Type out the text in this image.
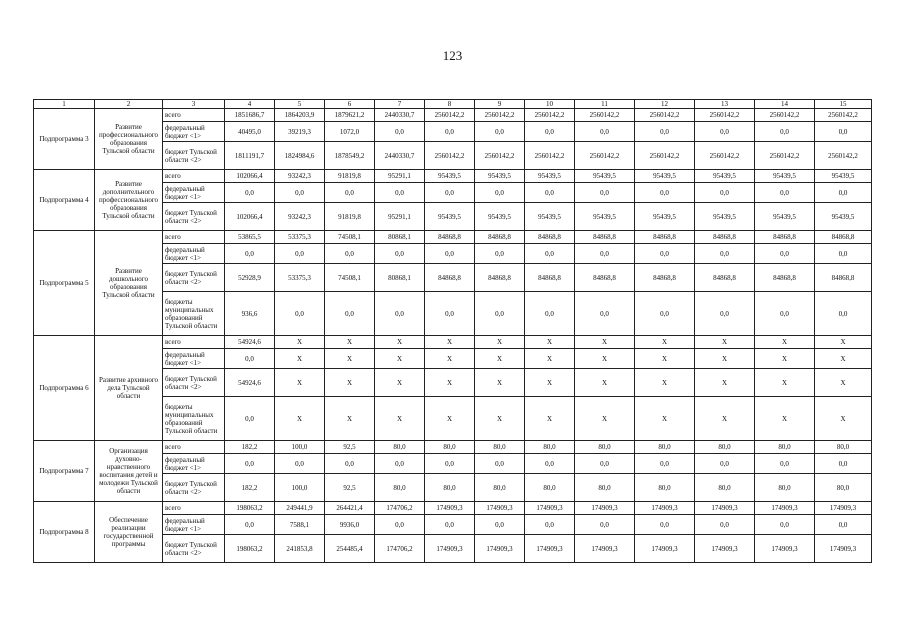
123
1	2	3	4	5	6	7	8	9	10	11	12	13	14	15
Подпрограмма 3	Развитие профессионального образования Тульской области	всего	1851686,7	1864203,9	1879621,2	2440330,7	2560142,2	2560142,2	2560142,2	2560142,2	2560142,2	2560142,2	2560142,2	2560142,2
		федеральный бюджет <1>	40495,0	39219,3	1072,0	0,0	0,0	0,0	0,0	0,0	0,0	0,0	0,0	0,0
		бюджет Тульской области <2>	1811191,7	1824984,6	1878549,2	2440330,7	2560142,2	2560142,2	2560142,2	2560142,2	2560142,2	2560142,2	2560142,2	2560142,2
Подпрограмма 4	Развитие дополнительного профессионального образования Тульской области	всего	102066,4	93242,3	91819,8	95291,1	95439,5	95439,5	95439,5	95439,5	95439,5	95439,5	95439,5	95439,5
		федеральный бюджет <1>	0,0	0,0	0,0	0,0	0,0	0,0	0,0	0,0	0,0	0,0	0,0	0,0
		бюджет Тульской области <2>	102066,4	93242,3	91819,8	95291,1	95439,5	95439,5	95439,5	95439,5	95439,5	95439,5	95439,5	95439,5
Подпрограмма 5	Развитие дошкольного образования Тульской области	всего	53865,5	53375,3	74508,1	80868,1	84868,8	84868,8	84868,8	84868,8	84868,8	84868,8	84868,8	84868,8
		федеральный бюджет <1>	0,0	0,0	0,0	0,0	0,0	0,0	0,0	0,0	0,0	0,0	0,0	0,0
		бюджет Тульской области <2>	52928,9	53375,3	74508,1	80868,1	84868,8	84868,8	84868,8	84868,8	84868,8	84868,8	84868,8	84868,8
		бюджеты муниципальных образований Тульской области	936,6	0,0	0,0	0,0	0,0	0,0	0,0	0,0	0,0	0,0	0,0	0,0
Подпрограмма 6	Развитие архивного дела Тульской области	всего	54924,6	X	X	X	X	X	X	X	X	X	X	X
		федеральный бюджет <1>	0,0	X	X	X	X	X	X	X	X	X	X	X
		бюджет Тульской области <2>	54924,6	X	X	X	X	X	X	X	X	X	X	X
		бюджеты муниципальных образований Тульской области	0,0	X	X	X	X	X	X	X	X	X	X	X
Подпрограмма 7	Организация духовно-нравственного воспитания детей и молодежи Тульской области	всего	182,2	100,0	92,5	80,0	80,0	80,0	80,0	80,0	80,0	80,0	80,0	80,0
		федеральный бюджет <1>	0,0	0,0	0,0	0,0	0,0	0,0	0,0	0,0	0,0	0,0	0,0	0,0
		бюджет Тульской области <2>	182,2	100,0	92,5	80,0	80,0	80,0	80,0	80,0	80,0	80,0	80,0	80,0
Подпрограмма 8	Обеспечение реализации государственной программы	всего	198063,2	249441,9	264421,4	174706,2	174909,3	174909,3	174909,3	174909,3	174909,3	174909,3	174909,3	174909,3
		федеральный бюджет <1>	0,0	7588,1	9936,0	0,0	0,0	0,0	0,0	0,0	0,0	0,0	0,0	0,0
		бюджет Тульской области <2>	198063,2	241853,8	254485,4	174706,2	174909,3	174909,3	174909,3	174909,3	174909,3	174909,3	174909,3	174909,3
